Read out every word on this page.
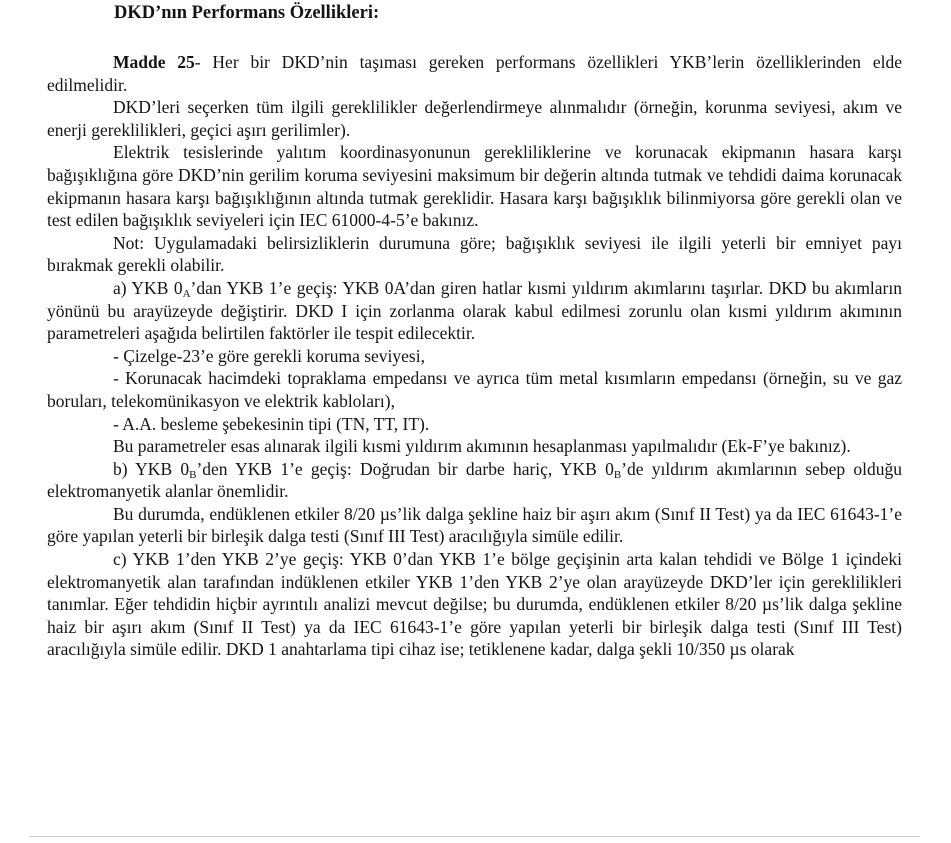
DKD’nın Performans Özellikleri:

Madde 25- Her bir DKD’nin taşıması gereken performans özellikleri YKB’lerin özelliklerinden elde edilmelidir.

DKD’leri seçerken tüm ilgili gereklilikler değerlendirmeye alınmalıdır (örneğin, korunma seviyesi, akım ve enerji gereklilikleri, geçici aşırı gerilimler).

Elektrik tesislerinde yalıtım koordinasyonunun gerekliliklerine ve korunacak ekipmanın hasara karşı bağışıklığına göre DKD’nin gerilim koruma seviyesini maksimum bir değerin altında tutmak ve tehdidi daima korunacak ekipmanın hasara karşı bağışıklığının altında tutmak gereklidir. Hasara karşı bağışıklık bilinmiyorsa göre gerekli olan ve test edilen bağışıklık seviyeleri için IEC 61000-4-5’e bakınız.

Not: Uygulamadaki belirsizliklerin durumuna göre; bağışıklık seviyesi ile ilgili yeterli bir emniyet payı bırakmak gerekli olabilir.

a) YKB $0_A’dan$ YKB 1’e geçiş: YKB 0A’dan giren hatlar kısmi yıldırım akımlarını taşırlar. DKD bu akımların yönünü bu arayüzeyde değiştirir. DKD I için zorlanma olarak kabul edilmesi zorunlu olan kısmi yıldırım akımının parametreleri aşağıda belirtilen faktörler ile tespit edilecektir.

- Çizelge-23’e göre gerekli koruma seviyesi,

- Korunacak hacimdeki topraklama empedansı ve ayrıca tüm metal kısımların empedansı (örneğin, su ve gaz boruları, telekomünikasyon ve elektrik kabloları),

- A.A. besleme şebekesinin tipi (TN, TT, IT).

Bu parametreler esas alınarak ilgili kısmi yıldırım akımının hesaplanması yapılmalıdır (Ek-F’ye bakınız).

b) YKB $0_B’den$ YKB 1’e geçiş: Doğrudan bir darbe hariç, YKB $0_B’de$ yıldırım akımlarının sebep olduğu elektromanyetik alanlar önemlidir.

Bu durumda, endüklenen etkiler 8/20 µs’lik dalga şekline haiz bir aşırı akım (Sınıf II Test) ya da IEC 61643-1’e göre yapılan yeterli bir birleşik dalga testi (Sınıf III Test) aracılığıyla simüle edilir.

c) YKB 1’den YKB 2’ye geçiş: YKB 0’dan YKB 1’e bölge geçişinin arta kalan tehdidi ve Bölge 1 içindeki elektromanyetik alan tarafından indüklenen etkiler YKB 1’den YKB 2’ye olan arayüzeyde DKD’ler için gereklilikleri tanımlar. Eğer tehdidin hiçbir ayrıntılı analizi mevcut değilse; bu durumda, endüklenen etkiler 8/20 µs’lik dalga şekline haiz bir aşırı akım (Sınıf II Test) ya da IEC 61643-1’e göre yapılan yeterli bir birleşik dalga testi (Sınıf III Test) aracılığıyla simüle edilir. DKD 1 anahtarlama tipi cihaz ise; tetiklenene kadar, dalga şekli 10/350 µs olarak
